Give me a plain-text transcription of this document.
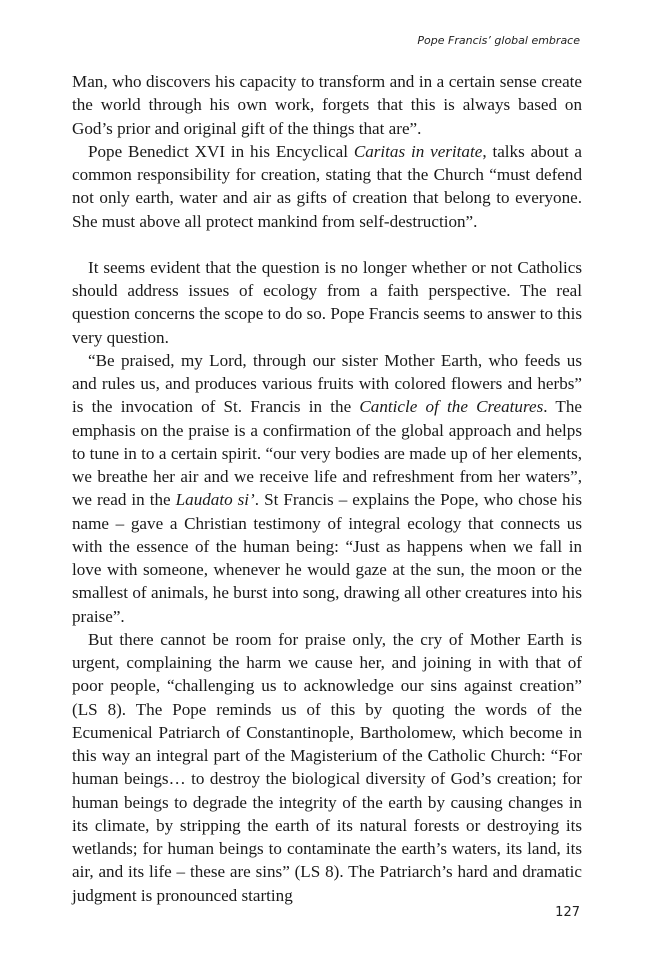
Pope Francis’ global embrace

Man, who discovers his capacity to transform and in a certain sense create the world through his own work, forgets that this is always based on God’s prior and original gift of the things that are”.

Pope Benedict XVI in his Encyclical Caritas in veritate, talks about a common responsibility for creation, stating that the Church “must defend not only earth, water and air as gifts of creation that belong to everyone. She must above all protect mankind from self-destruction”.

It seems evident that the question is no longer whether or not Catholics should address issues of ecology from a faith perspective. The real question concerns the scope to do so. Pope Francis seems to answer to this very question.

“Be praised, my Lord, through our sister Mother Earth, who feeds us and rules us, and produces various fruits with colored flowers and herbs” is the invocation of St. Francis in the Canticle of the Creatures. The emphasis on the praise is a confirmation of the global approach and helps to tune in to a certain spirit. “our very bodies are made up of her elements, we breathe her air and we receive life and refreshment from her waters”, we read in the Laudato si’. St Francis – explains the Pope, who chose his name – gave a Christian testimony of integral ecology that connects us with the essence of the human being: “Just as happens when we fall in love with someone, whenever he would gaze at the sun, the moon or the smallest of animals, he burst into song, drawing all other creatures into his praise”.

But there cannot be room for praise only, the cry of Mother Earth is urgent, complaining the harm we cause her, and joining in with that of poor people, “challenging us to acknowledge our sins against creation” (LS 8). The Pope reminds us of this by quoting the words of the Ecumenical Patriarch of Constantinople, Bartholomew, which become in this way an integral part of the Magisterium of the Catholic Church: “For human beings… to destroy the biological diversity of God’s creation; for human beings to degrade the integrity of the earth by causing changes in its climate, by stripping the earth of its natural forests or destroying its wetlands; for human beings to contaminate the earth’s waters, its land, its air, and its life – these are sins” (LS 8). The Patriarch’s hard and dramatic judgment is pronounced starting

127
